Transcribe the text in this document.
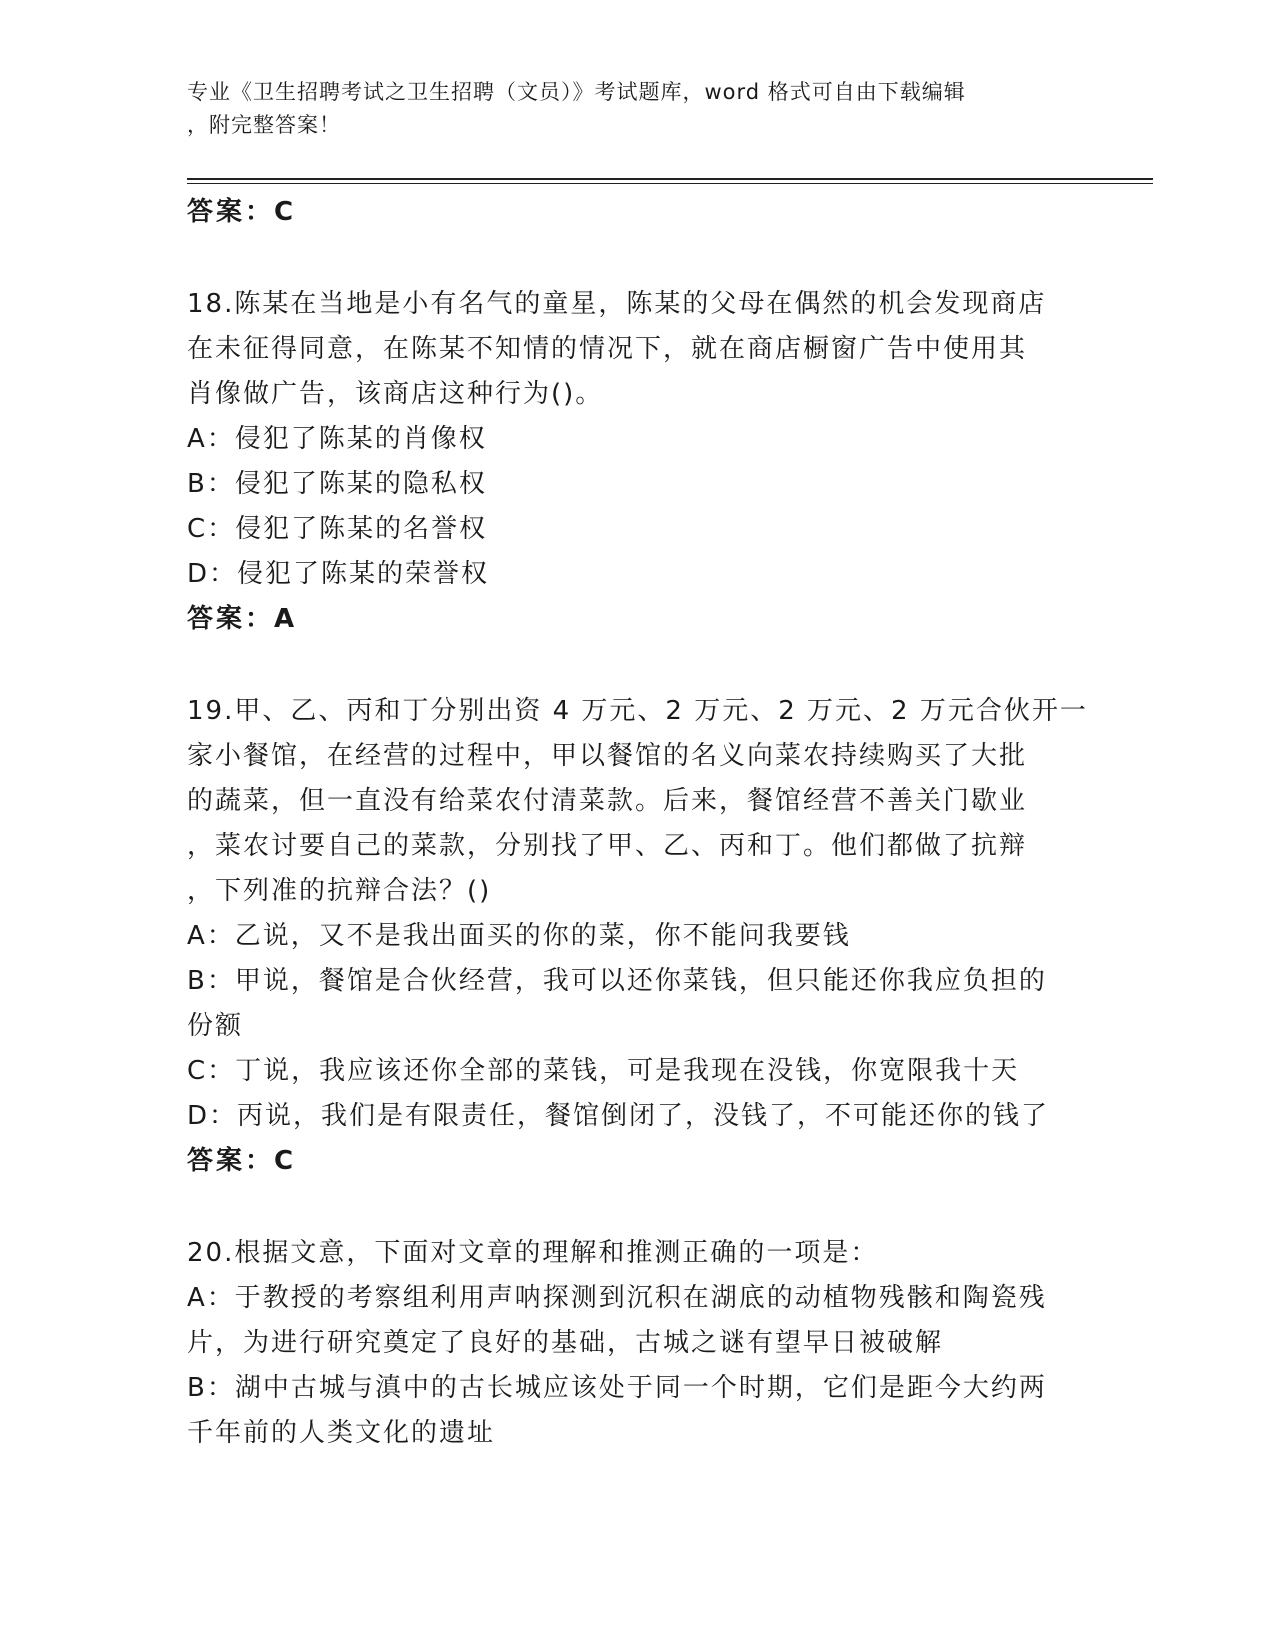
专业《卫生招聘考试之卫生招聘（文员）》考试题库，word 格式可自由下载编辑
，附完整答案！
答案：C
18.陈某在当地是小有名气的童星，陈某的父母在偶然的机会发现商店
在未征得同意，在陈某不知情的情况下，就在商店橱窗广告中使用其
肖像做广告，该商店这种行为()。
A：侵犯了陈某的肖像权
B：侵犯了陈某的隐私权
C：侵犯了陈某的名誉权
D：侵犯了陈某的荣誉权
答案：A
19.甲、乙、丙和丁分别出资 4 万元、2 万元、2 万元、2 万元合伙开一
家小餐馆，在经营的过程中，甲以餐馆的名义向菜农持续购买了大批
的蔬菜，但一直没有给菜农付清菜款。后来，餐馆经营不善关门歇业
，菜农讨要自己的菜款，分别找了甲、乙、丙和丁。他们都做了抗辩
，下列准的抗辩合法？()
A：乙说，又不是我出面买的你的菜，你不能问我要钱
B：甲说，餐馆是合伙经营，我可以还你菜钱，但只能还你我应负担的
份额
C：丁说，我应该还你全部的菜钱，可是我现在没钱，你宽限我十天
D：丙说，我们是有限责任，餐馆倒闭了，没钱了，不可能还你的钱了
答案：C
20.根据文意，下面对文章的理解和推测正确的一项是：
A：于教授的考察组利用声呐探测到沉积在湖底的动植物残骸和陶瓷残
片，为进行研究奠定了良好的基础，古城之谜有望早日被破解
B：湖中古城与滇中的古长城应该处于同一个时期，它们是距今大约两
千年前的人类文化的遗址
